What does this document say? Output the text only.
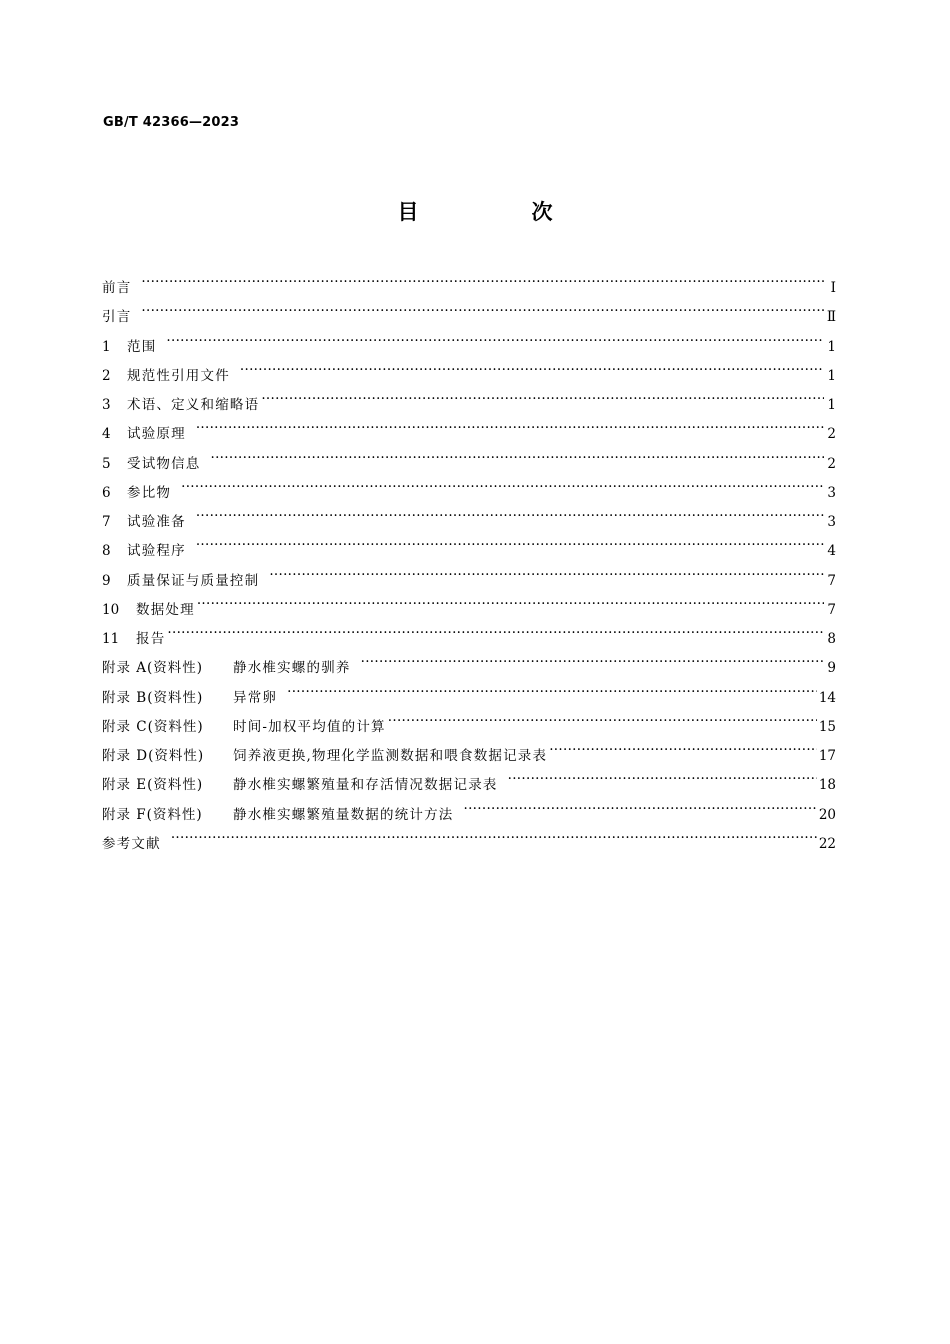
GB/T 42366—2023
目　次
前言 ·····	Ⅰ
引言 ·····	Ⅱ
1	范围 ·····	1
2	规范性引用文件 ·····	1
3	术语、定义和缩略语 ·····	1
4	试验原理 ·····	2
5	受试物信息 ·····	2
6	参比物 ·····	3
7	试验准备 ·····	3
8	试验程序 ·····	4
9	质量保证与质量控制 ·····	7
10	数据处理 ·····	7
11	报告 ·····	8
附录 A(资料性)	静水椎实螺的驯养 ·····	9
附录 B(资料性)	异常卵 ·····	14
附录 C(资料性)	时间-加权平均值的计算 ·····	15
附录 D(资料性)	饲养液更换,物理化学监测数据和喂食数据记录表 ·····	17
附录 E(资料性)	静水椎实螺繁殖量和存活情况数据记录表 ·····	18
附录 F(资料性)	静水椎实螺繁殖量数据的统计方法 ·····	20
参考文献 ·····	22
